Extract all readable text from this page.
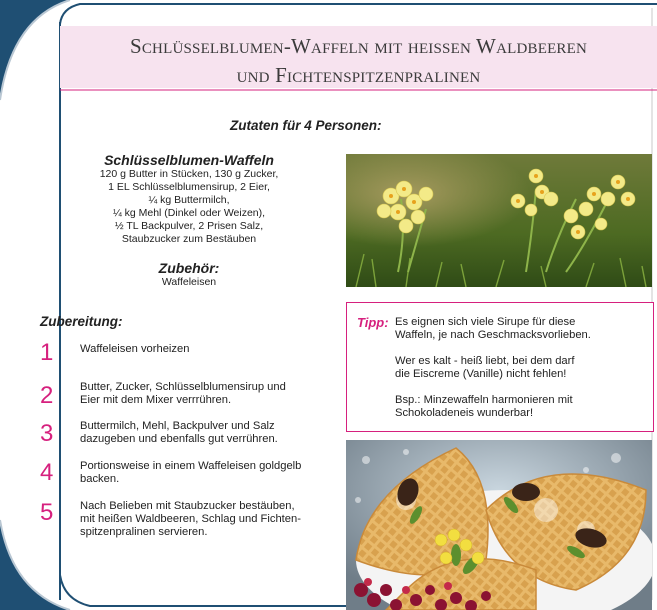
Schlüsselblumen-Waffeln mit heissen Waldbeeren
und Fichtenspitzenpralinen
Zutaten für 4 Personen:

Schlüsselblumen-Waffeln

120 g Butter in Stücken, 130 g Zucker,

1 EL Schlüsselblumensirup, 2 Eier,

¼ kg Buttermilch,

¼ kg Mehl (Dinkel oder Weizen),

½ TL Backpulver, 2 Prisen Salz,

Staubzucker zum Bestäuben

Zubehör:

Waffeleisen

Zubereitung:
1 Waffeleisen vorheizen
2 Butter, Zucker, Schlüsselblumensirup und
Eier mit dem Mixer verrrühren.
3 Buttermilch, Mehl, Backpulver und Salz
dazugeben und ebenfalls gut verrühren.
4 Portionsweise in einem Waffeleisen goldgelb
backen.
5 Nach Belieben mit Staubzucker bestäuben,
mit heißen Waldbeeren, Schlag und Fichten-
spitzenpralinen servieren.
Tipp: Es eignen sich viele Sirupe für diese
Waffeln, je nach Geschmacksvorlieben.
Wer es kalt - heiß liebt, bei dem darf
die Eiscreme (Vanille) nicht fehlen!
Bsp.: Minzewaffeln harmonieren mit
Schokoladeneis wunderbar!
